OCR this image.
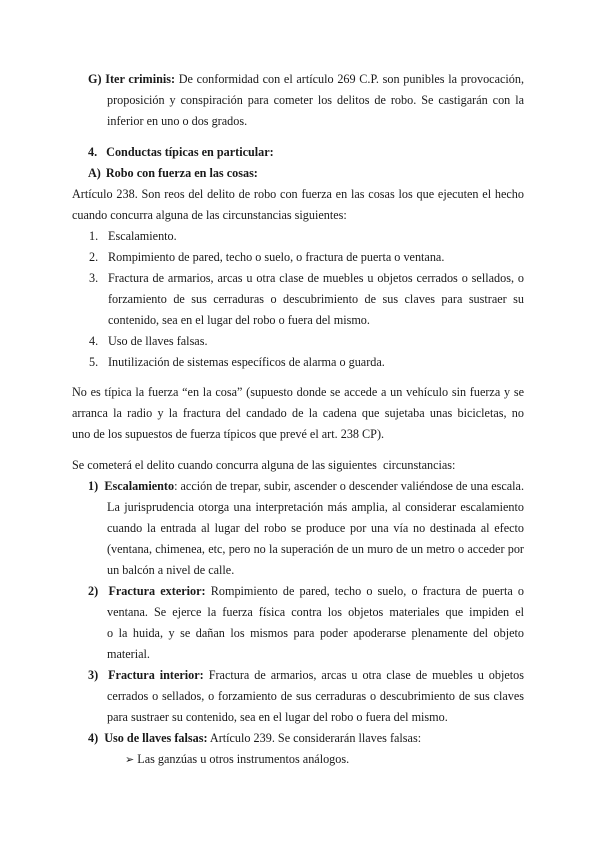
G) Iter criminis: De conformidad con el artículo 269 C.P. son punibles la provocación,
proposición y conspiración para cometer los delitos de robo. Se castigarán con la
inferior en uno o dos grados.
4. Conductas típicas en particular:
A) Robo con fuerza en las cosas:
Artículo 238. Son reos del delito de robo con fuerza en las cosas los que ejecuten el hecho
cuando concurra alguna de las circunstancias siguientes:
1. Escalamiento.
2. Rompimiento de pared, techo o suelo, o fractura de puerta o ventana.
3. Fractura de armarios, arcas u otra clase de muebles u objetos cerrados o sellados, o
forzamiento de sus cerraduras o descubrimiento de sus claves para sustraer su
contenido, sea en el lugar del robo o fuera del mismo.
4. Uso de llaves falsas.
5. Inutilización de sistemas específicos de alarma o guarda.
No es típica la fuerza “en la cosa” (supuesto donde se accede a un vehículo sin fuerza y se
arranca la radio y la fractura del candado de la cadena que sujetaba unas bicicletas, no
uno de los supuestos de fuerza típicos que prevé el art. 238 CP).
Se cometerá el delito cuando concurra alguna de las siguientes  circunstancias:
1) Escalamiento: acción de trepar, subir, ascender o descender valiéndose de una escala.
La jurisprudencia otorga una interpretación más amplia, al considerar escalamiento
cuando la entrada al lugar del robo se produce por una vía no destinada al efecto
(ventana, chimenea, etc, pero no la superación de un muro de un metro o acceder por
un balcón a nivel de calle.
2) Fractura exterior: Rompimiento de pared, techo o suelo, o fractura de puerta o
ventana. Se ejerce la fuerza física contra los objetos materiales que impiden el
o la huida, y se dañan los mismos para poder apoderarse plenamente del objeto
material.
3) Fractura interior: Fractura de armarios, arcas u otra clase de muebles u objetos
cerrados o sellados, o forzamiento de sus cerraduras o descubrimiento de sus claves
para sustraer su contenido, sea en el lugar del robo o fuera del mismo.
4) Uso de llaves falsas: Artículo 239. Se considerarán llaves falsas:
➢ Las ganzúas u otros instrumentos análogos.
